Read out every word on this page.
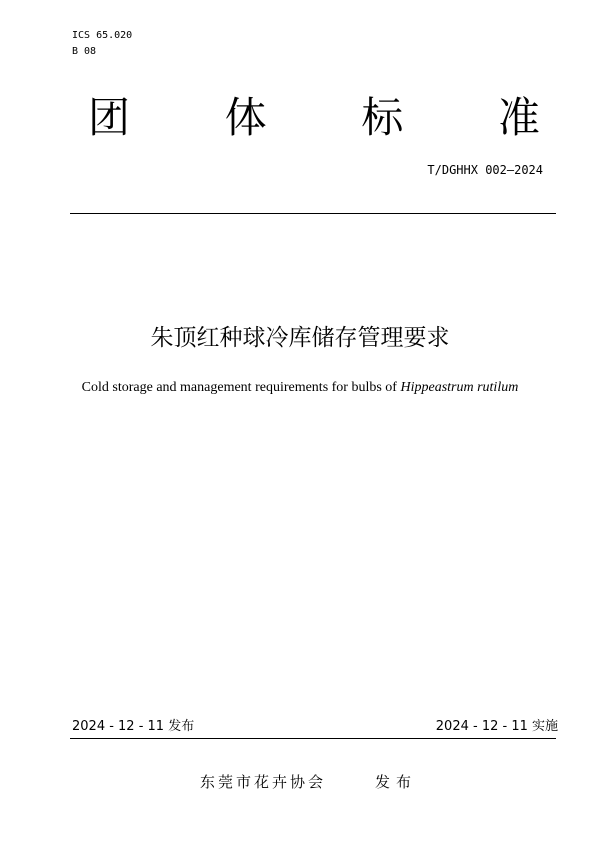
ICS 65.020
B 08
团 体 标 准
T/DGHHX 002—2024
朱顶红种球冷库储存管理要求
Cold storage and management requirements for bulbs of Hippeastrum rutilum
2024 - 12 - 11 发布	2024 - 12 - 11 实施
东莞市花卉协会	发布
